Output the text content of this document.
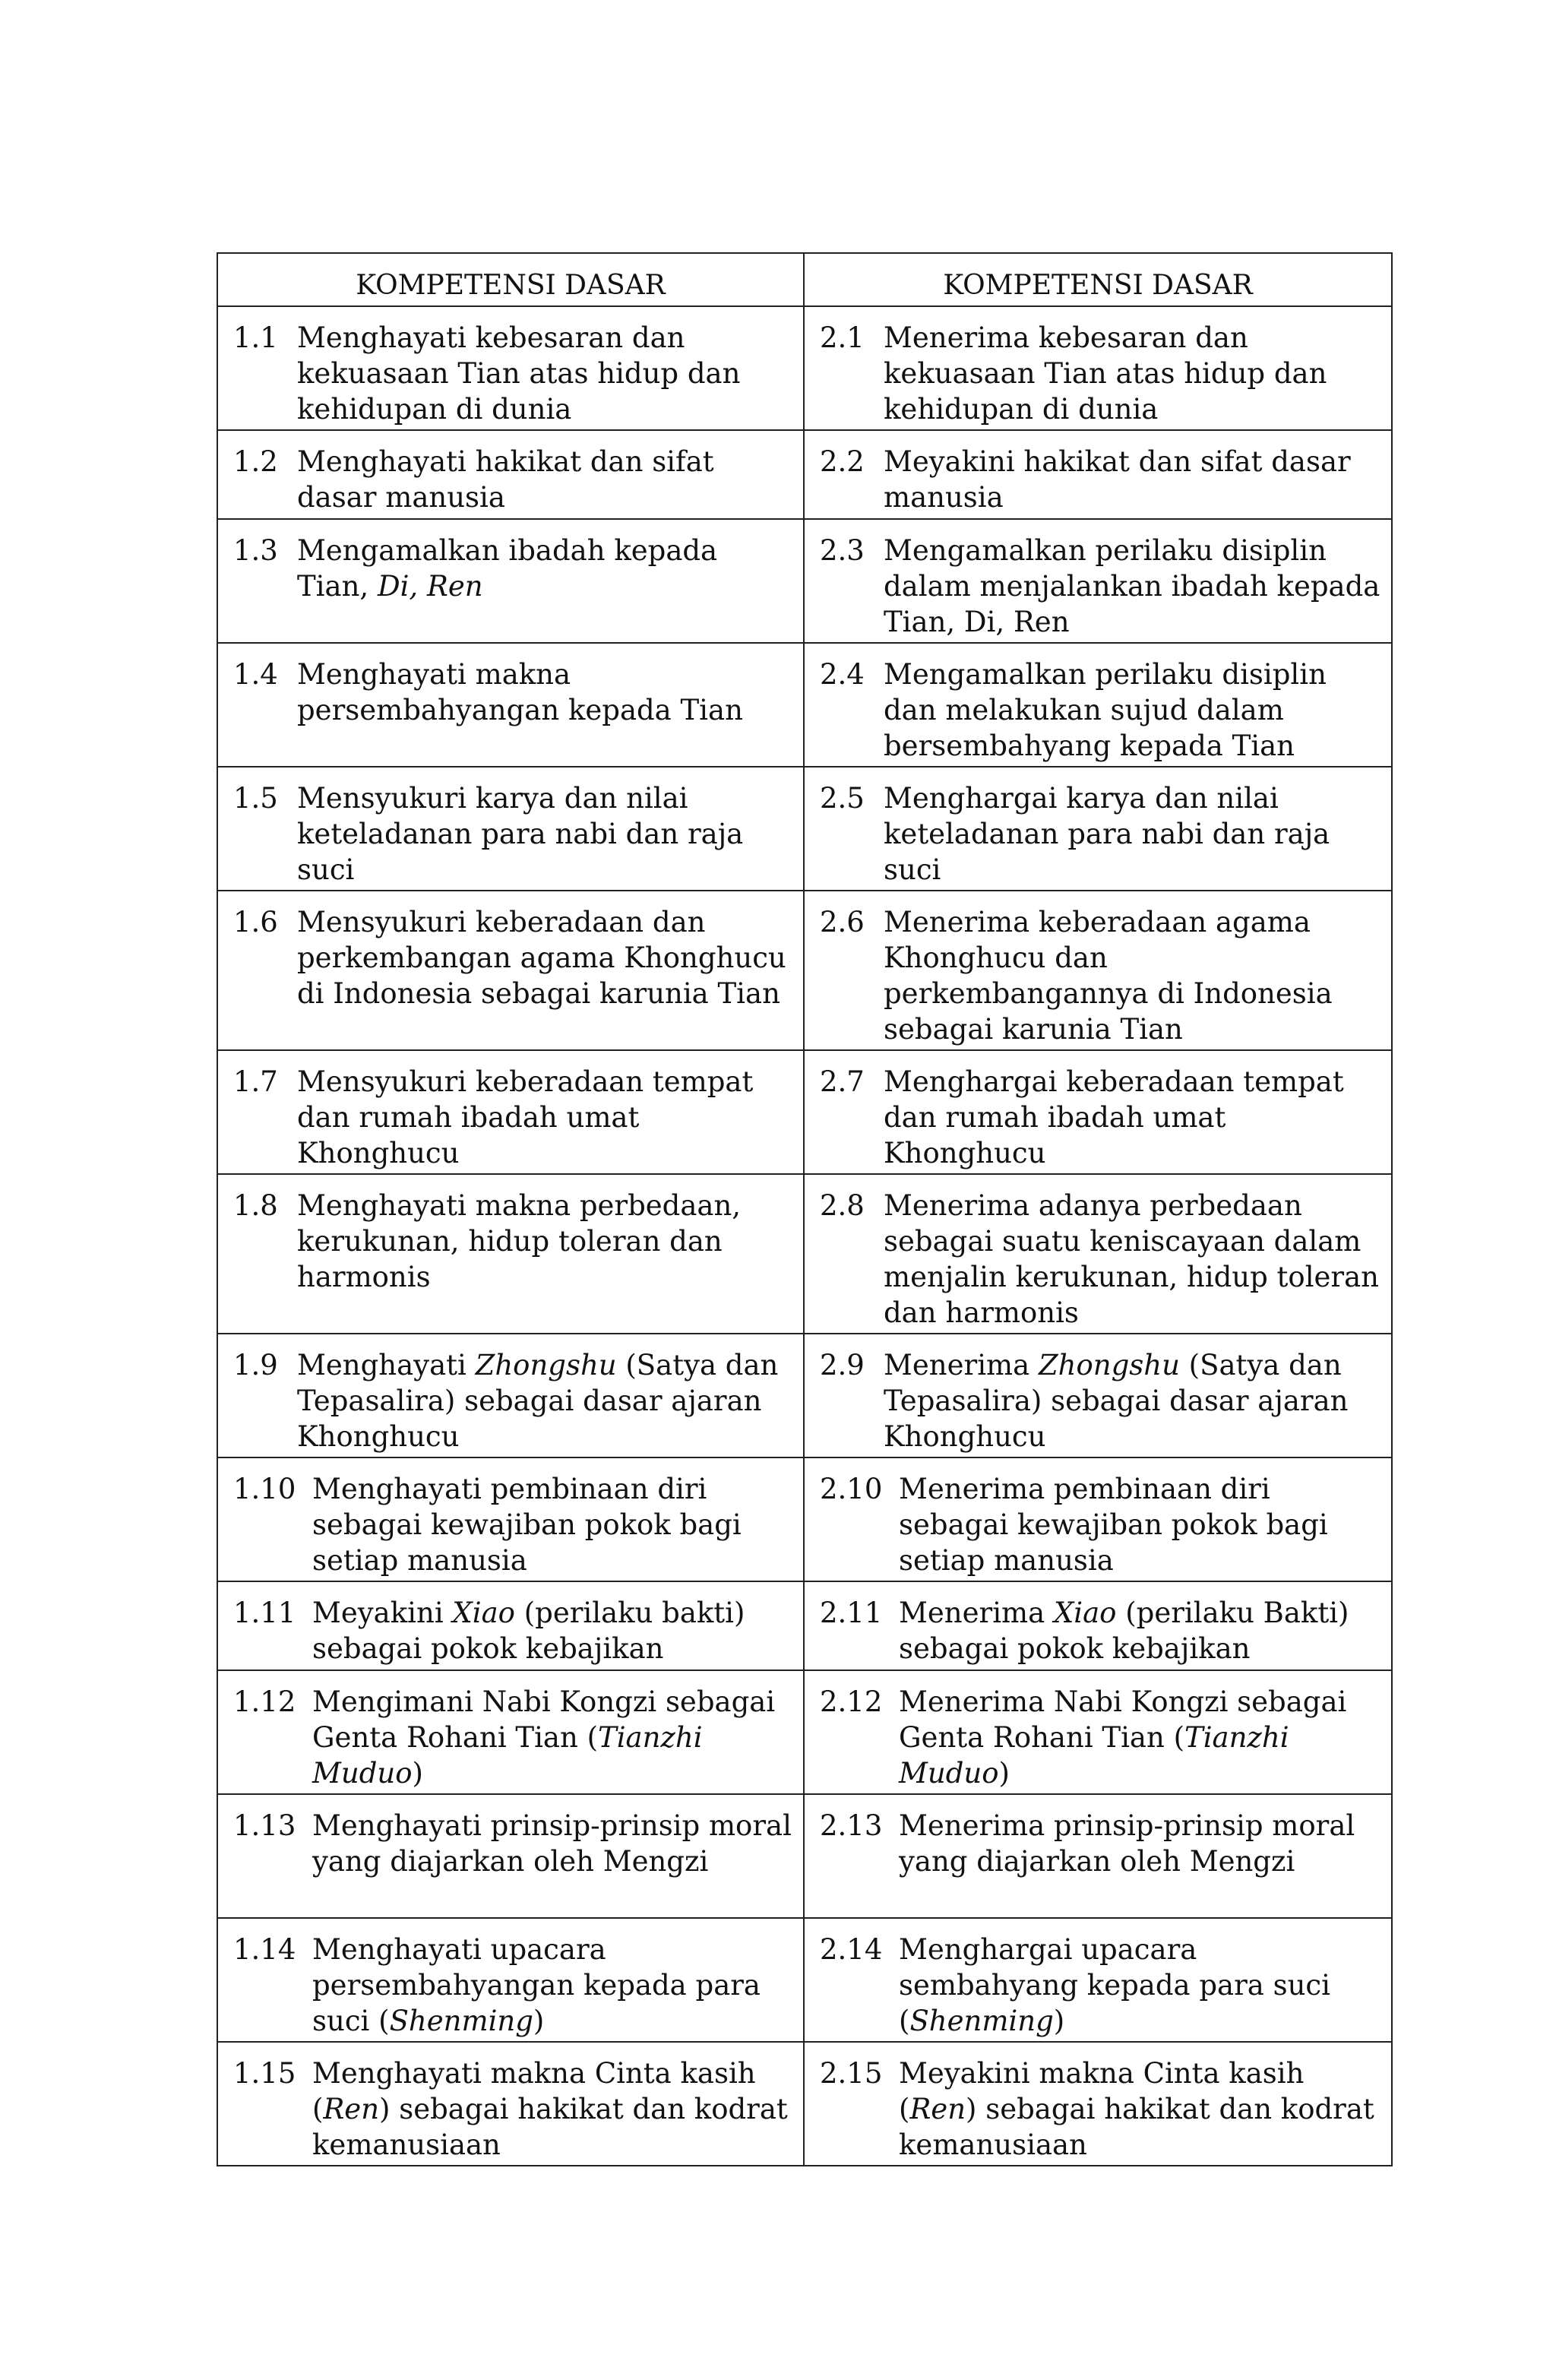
KOMPETENSI DASAR	KOMPETENSI DASAR

1.1 Menghayati kebesaran dan kekuasaan Tian atas hidup dan kehidupan di dunia	2.1 Menerima kebesaran dan kekuasaan Tian atas hidup dan kehidupan di dunia

1.2 Menghayati hakikat dan sifat dasar manusia	2.2 Meyakini hakikat dan sifat dasar manusia

1.3 Mengamalkan ibadah kepada Tian, Di, Ren	2.3 Mengamalkan perilaku disiplin dalam menjalankan ibadah kepada Tian, Di, Ren

1.4 Menghayati makna persembahyangan kepada Tian	2.4 Mengamalkan perilaku disiplin dan melakukan sujud dalam bersembahyang kepada Tian

1.5 Mensyukuri karya dan nilai keteladanan para nabi dan raja suci	2.5 Menghargai karya dan nilai keteladanan para nabi dan raja suci

1.6 Mensyukuri keberadaan dan perkembangan agama Khonghucu di Indonesia sebagai karunia Tian	2.6 Menerima keberadaan agama Khonghucu dan perkembangannya di Indonesia sebagai karunia Tian

1.7 Mensyukuri keberadaan tempat dan rumah ibadah umat Khonghucu	2.7 Menghargai keberadaan tempat dan rumah ibadah umat Khonghucu

1.8 Menghayati makna perbedaan, kerukunan, hidup toleran dan harmonis	2.8 Menerima adanya perbedaan sebagai suatu keniscayaan dalam menjalin kerukunan, hidup toleran dan harmonis

1.9 Menghayati Zhongshu (Satya dan Tepasalira) sebagai dasar ajaran Khonghucu	2.9 Menerima Zhongshu (Satya dan Tepasalira) sebagai dasar ajaran Khonghucu

1.10 Menghayati pembinaan diri sebagai kewajiban pokok bagi setiap manusia	2.10 Menerima pembinaan diri sebagai kewajiban pokok bagi setiap manusia

1.11 Meyakini Xiao (perilaku bakti) sebagai pokok kebajikan	2.11 Menerima Xiao (perilaku Bakti) sebagai pokok kebajikan

1.12 Mengimani Nabi Kongzi sebagai Genta Rohani Tian (Tianzhi Muduo)	2.12 Menerima Nabi Kongzi sebagai Genta Rohani Tian (Tianzhi Muduo)

1.13 Menghayati prinsip-prinsip moral yang diajarkan oleh Mengzi	2.13 Menerima prinsip-prinsip moral yang diajarkan oleh Mengzi

1.14 Menghayati upacara persembahyangan kepada para suci (Shenming)	2.14 Menghargai upacara sembahyang kepada para suci (Shenming)

1.15 Menghayati makna Cinta kasih (Ren) sebagai hakikat dan kodrat kemanusiaan	2.15 Meyakini makna Cinta kasih (Ren) sebagai hakikat dan kodrat kemanusiaan
